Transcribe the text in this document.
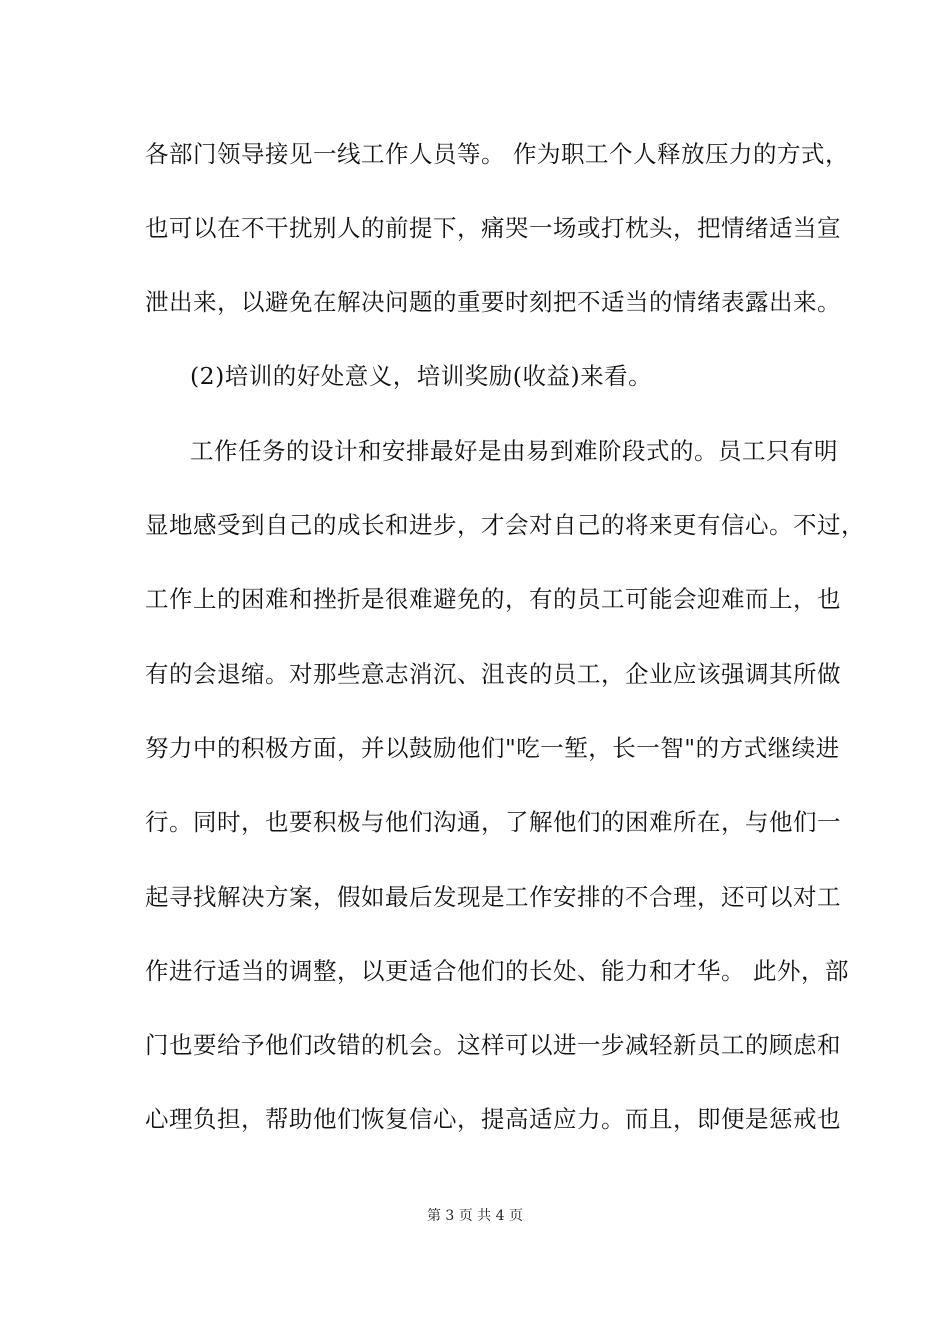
各部门领导接见一线工作人员等。 作为职工个人释放压力的方式，
也可以在不干扰别人的前提下，痛哭一场或打枕头，把情绪适当宣
泄出来，以避免在解决问题的重要时刻把不适当的情绪表露出来。
(2)培训的好处意义，培训奖励(收益)来看。
工作任务的设计和安排最好是由易到难阶段式的。员工只有明
显地感受到自己的成长和进步，才会对自己的将来更有信心。不过，
工作上的困难和挫折是很难避免的，有的员工可能会迎难而上，也
有的会退缩。对那些意志消沉、沮丧的员工，企业应该强调其所做
努力中的积极方面，并以鼓励他们"吃一堑，长一智"的方式继续进
行。同时，也要积极与他们沟通，了解他们的困难所在，与他们一
起寻找解决方案，假如最后发现是工作安排的不合理，还可以对工
作进行适当的调整，以更适合他们的长处、能力和才华。 此外，部
门也要给予他们改错的机会。这样可以进一步减轻新员工的顾虑和
心理负担，帮助他们恢复信心，提高适应力。而且，即便是惩戒也
第 3 页 共 4 页
